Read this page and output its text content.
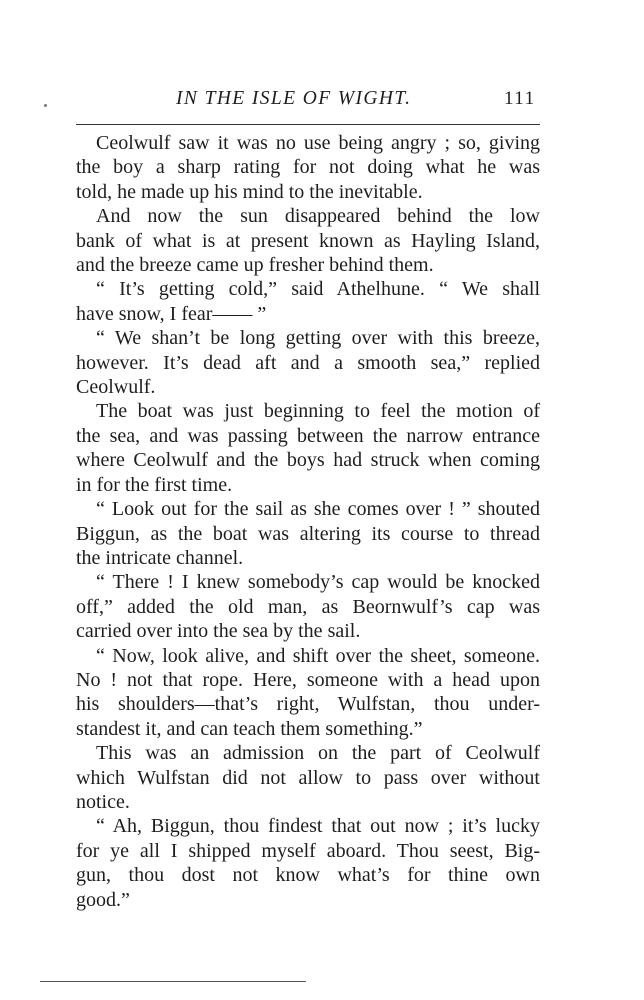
IN THE ISLE OF WIGHT.	111

Ceolwulf saw it was no use being angry ; so, giving
the boy a sharp rating for not doing what he was
told, he made up his mind to the inevitable.

And now the sun disappeared behind the low
bank of what is at present known as Hayling Island,
and the breeze came up fresher behind them.

“ It’s getting cold,” said Athelhune. “ We shall
have snow, I fear—— ”

“ We shan’t be long getting over with this breeze,
however. It’s dead aft and a smooth sea,” replied
Ceolwulf.

The boat was just beginning to feel the motion of
the sea, and was passing between the narrow entrance
where Ceolwulf and the boys had struck when coming
in for the first time.

“ Look out for the sail as she comes over ! ” shouted
Biggun, as the boat was altering its course to thread
the intricate channel.

“ There ! I knew somebody’s cap would be knocked
off,” added the old man, as Beornwulf’s cap was
carried over into the sea by the sail.

“ Now, look alive, and shift over the sheet, someone.
No ! not that rope. Here, someone with a head upon
his shoulders—that’s right, Wulfstan, thou under-
standest it, and can teach them something.”

This was an admission on the part of Ceolwulf
which Wulfstan did not allow to pass over without
notice.

“ Ah, Biggun, thou findest that out now ; it’s lucky
for ye all I shipped myself aboard. Thou seest, Big-
gun, thou dost not know what’s for thine own
good.”
